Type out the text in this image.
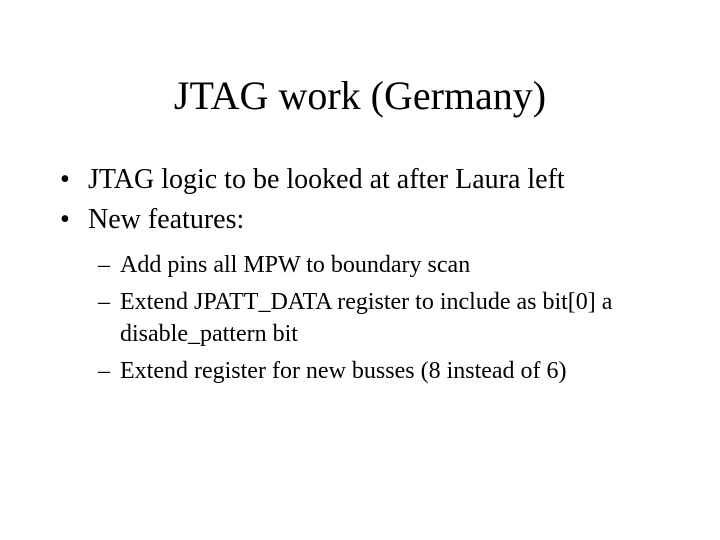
JTAG work (Germany)
• JTAG logic to be looked at after Laura left
• New features:
– Add pins all MPW to boundary scan
– Extend JPATT_DATA register to include as bit[0] a disable_pattern bit
– Extend register for new busses (8 instead of 6)
